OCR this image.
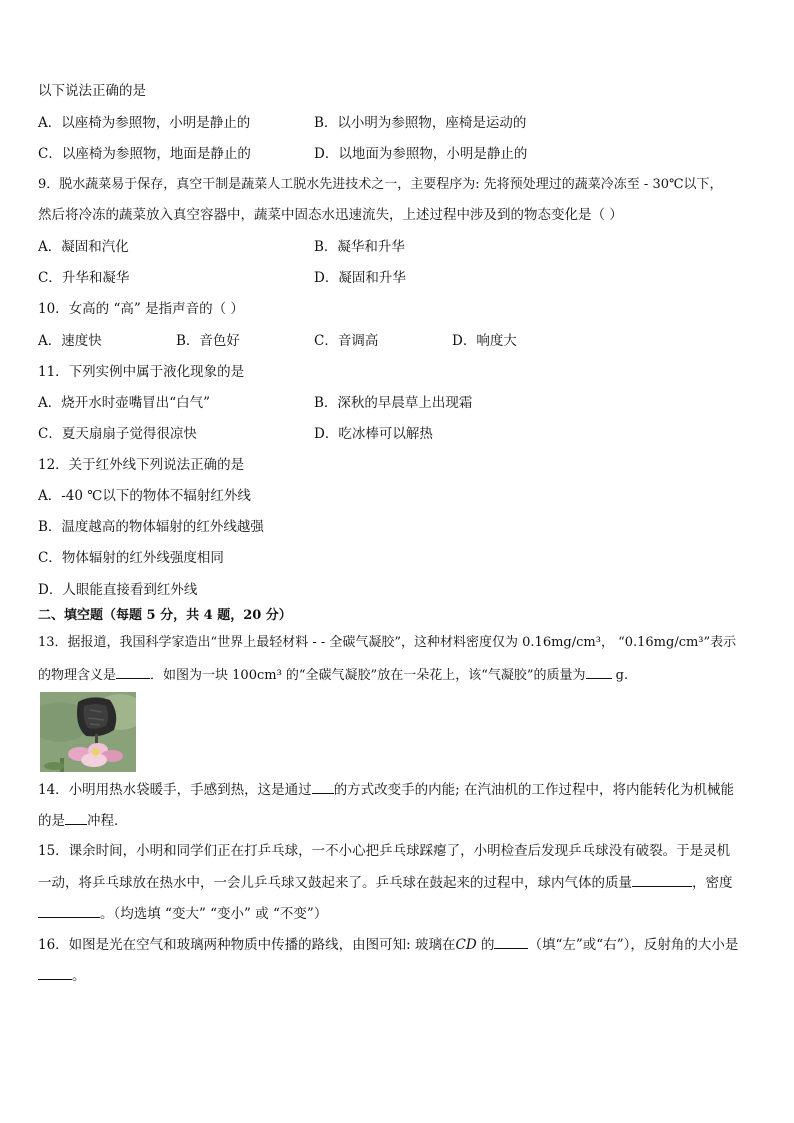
以下说法正确的是
A．以座椅为参照物，小明是静止的	B．以小明为参照物，座椅是运动的
C．以座椅为参照物，地面是静止的	D．以地面为参照物，小明是静止的
9．脱水蔬菜易于保存，真空干制是蔬菜人工脱水先进技术之一，主要程序为: 先将预处理过的蔬菜冷冻至 - 30℃以下，
然后将冷冻的蔬菜放入真空容器中，蔬菜中固态水迅速流失，上述过程中涉及到的物态变化是（ ）
A．凝固和汽化	B．凝华和升华
C．升华和凝华	D．凝固和升华
10．女高的 “高” 是指声音的（ ）
A．速度快	B．音色好	C．音调高	D．响度大
11．下列实例中属于液化现象的是
A．烧开水时壶嘴冒出“白气”	B．深秋的早晨草上出现霜
C．夏天扇扇子觉得很凉快	D．吃冰棒可以解热
12．关于红外线下列说法正确的是
A．-40 ℃以下的物体不辐射红外线
B．温度越高的物体辐射的红外线越强
C．物体辐射的红外线强度相同
D．人眼能直接看到红外线
二、填空题（每题 5 分，共 4 题，20 分）
13．据报道，我国科学家造出“世界上最轻材料 - - 全碳气凝胶”，这种材料密度仅为 0.16mg/cm³， “0.16mg/cm³”表示
的物理含义是	．如图为一块 100cm³ 的“全碳气凝胶”放在一朵花上，该“气凝胶”的质量为 g.
14．小明用热水袋暖手，手感到热，这是通过 的方式改变手的内能; 在汽油机的工作过程中，将内能转化为机械能
的是 冲程．
15．课余时间，小明和同学们正在打乒乓球，一不小心把乒乓球踩瘪了，小明检查后发现乒乓球没有破裂。于是灵机
一动，将乒乓球放在热水中，一会儿乒乓球又鼓起来了。乒乓球在鼓起来的过程中，球内气体的质量	，密度
。（均选填 “变大” “变小” 或 “不变”）
16．如图是光在空气和玻璃两种物质中传播的路线，由图可知: 玻璃在CD 的	（填“左”或“右”），反射角的大小是
。
